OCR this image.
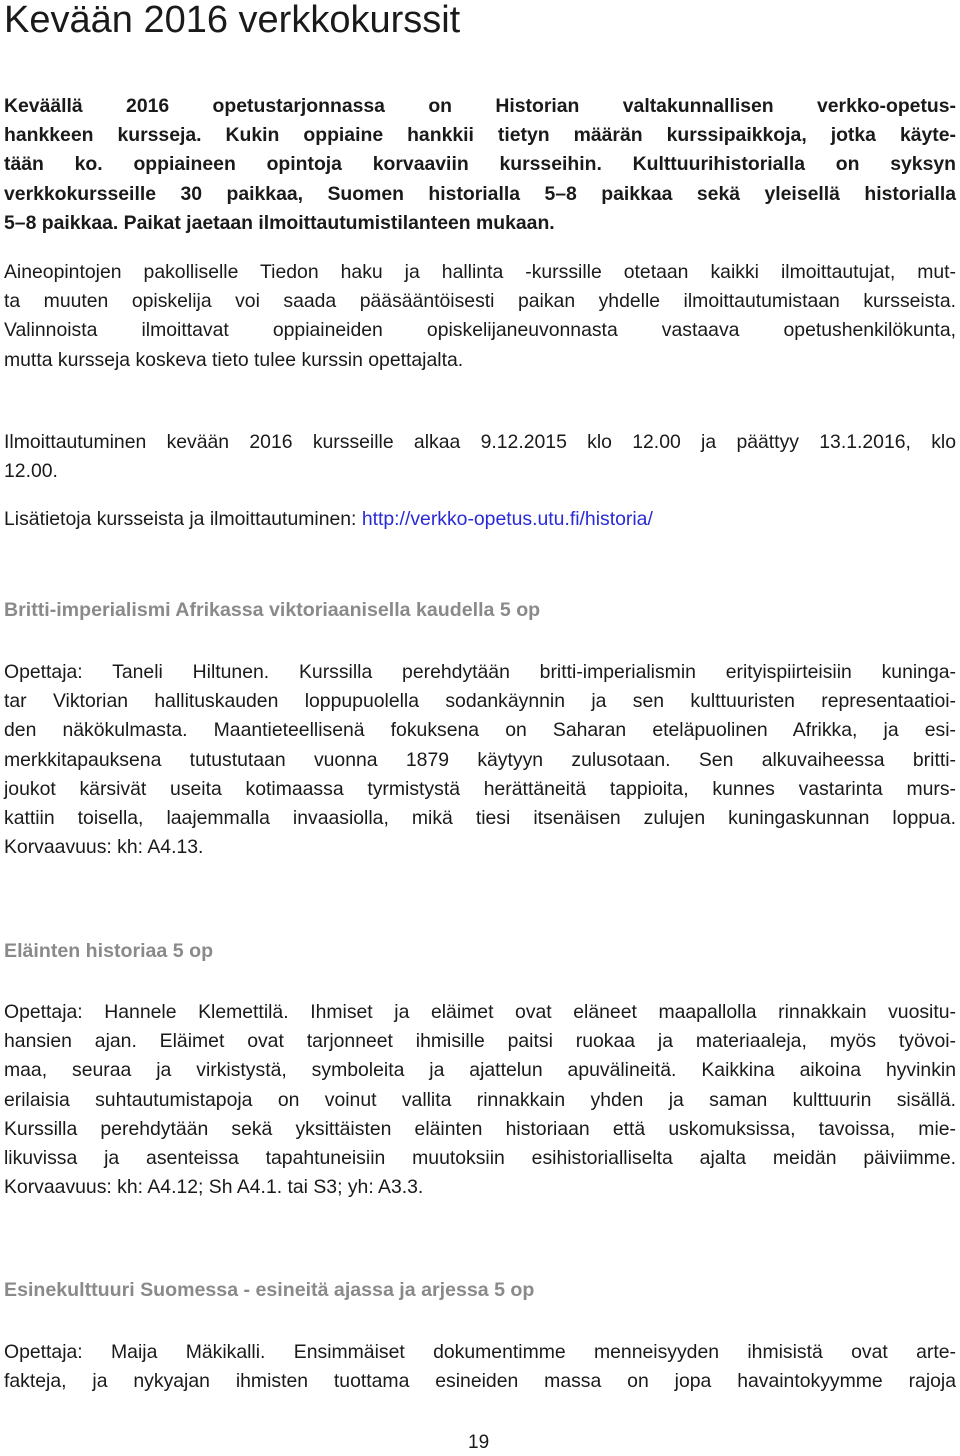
Kevään 2016 verkkokurssit
Keväällä 2016 opetustarjonnassa on Historian valtakunnallisen verkko-opetus-
hankkeen kursseja. Kukin oppiaine hankkii tietyn määrän kurssipaikkoja, jotka käyte-
tään ko. oppiaineen opintoja korvaaviin kursseihin. Kulttuurihistorialla on syksyn
verkkokursseille 30 paikkaa, Suomen historialla 5–8 paikkaa sekä yleisellä historialla
5–8 paikkaa. Paikat jaetaan ilmoittautumistilanteen mukaan.
Aineopintojen pakolliselle Tiedon haku ja hallinta -kurssille otetaan kaikki ilmoittautujat, mut-
ta muuten opiskelija voi saada pääsääntöisesti paikan yhdelle ilmoittautumistaan kursseista.
Valinnoista ilmoittavat oppiaineiden opiskelijaneuvonnasta vastaava opetushenkilökunta,
mutta kursseja koskeva tieto tulee kurssin opettajalta.
Ilmoittautuminen kevään 2016 kursseille alkaa 9.12.2015 klo 12.00 ja päättyy 13.1.2016, klo
12.00.
Lisätietoja kursseista ja ilmoittautuminen: http://verkko-opetus.utu.fi/historia/
Britti-imperialismi Afrikassa viktoriaanisella kaudella 5 op
Opettaja: Taneli Hiltunen. Kurssilla perehdytään britti-imperialismin erityispiirteisiin kuninga-
tar Viktorian hallituskauden loppupuolella sodankäynnin ja sen kulttuuristen representaatioi-
den näkökulmasta. Maantieteellisenä fokuksena on Saharan eteläpuolinen Afrikka, ja esi-
merkkitapauksena tutustutaan vuonna 1879 käytyyn zulusotaan. Sen alkuvaiheessa britti-
joukot kärsivät useita kotimaassa tyrmistystä herättäneitä tappioita, kunnes vastarinta murs-
kattiin toisella, laajemmalla invaasiolla, mikä tiesi itsenäisen zulujen kuningaskunnan loppua.
Korvaavuus: kh: A4.13.
Eläinten historiaa 5 op
Opettaja: Hannele Klemettilä. Ihmiset ja eläimet ovat eläneet maapallolla rinnakkain vuositu-
hansien ajan. Eläimet ovat tarjonneet ihmisille paitsi ruokaa ja materiaaleja, myös työvoi-
maa, seuraa ja virkistystä, symboleita ja ajattelun apuvälineitä. Kaikkina aikoina hyvinkin
erilaisia suhtautumistapoja on voinut vallita rinnakkain yhden ja saman kulttuurin sisällä.
Kurssilla perehdytään sekä yksittäisten eläinten historiaan että uskomuksissa, tavoissa, mie-
likuvissa ja asenteissa tapahtuneisiin muutoksiin esihistorialliselta ajalta meidän päiviimme.
Korvaavuus: kh: A4.12; Sh A4.1. tai S3; yh: A3.3.
Esinekulttuuri Suomessa - esineitä ajassa ja arjessa 5 op
Opettaja: Maija Mäkikalli. Ensimmäiset dokumentimme menneisyyden ihmisistä ovat arte-
fakteja, ja nykyajan ihmisten tuottama esineiden massa on jopa havaintokyymme rajoja
19
